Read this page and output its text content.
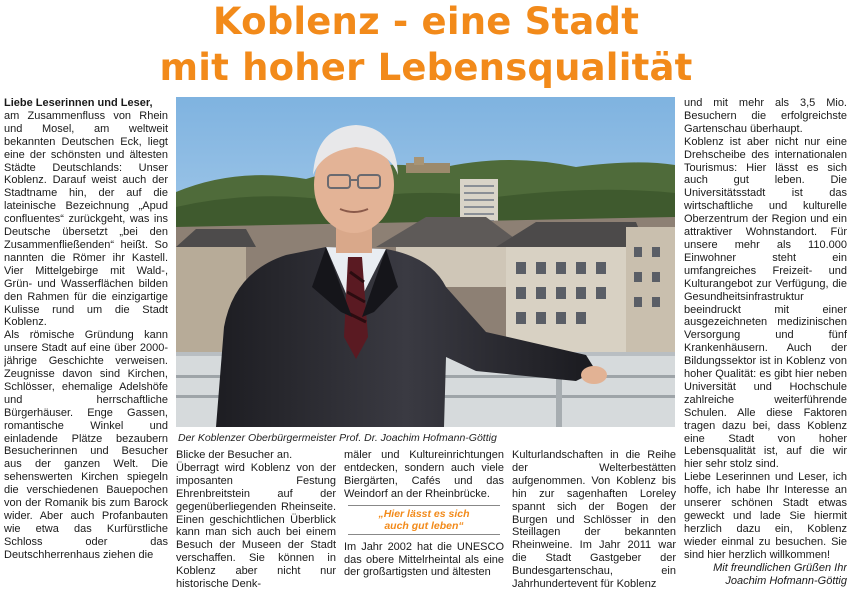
Koblenz - eine Stadt
mit hoher Lebensqualität

Liebe Leserinnen und Leser,

am Zusammenfluss von Rhein und Mosel, am weltweit bekannten Deutschen Eck, liegt eine der schönsten und ältesten Städte Deutschlands: Unser Koblenz. Darauf weist auch der Stadtname hin, der auf die lateinische Bezeichnung „Apud confluentes“ zurückgeht, was ins Deutsche übersetzt „bei den Zusammenfließenden“ heißt. So nannten die Römer ihr Kastell. Vier Mittelgebirge mit Wald-, Grün- und Wasserflächen bilden den Rahmen für die einzigartige Kulisse rund um die Stadt Koblenz.

Als römische Gründung kann unsere Stadt auf eine über 2000-jährige Geschichte verweisen. Zeugnisse davon sind Kirchen, Schlösser, ehemalige Adelshöfe und herrschaftliche Bürgerhäuser. Enge Gassen, romantische Winkel und einladende Plätze bezaubern Besucherinnen und Besucher aus der ganzen Welt. Die sehenswerten Kirchen spiegeln die verschiedenen Bauepochen von der Romanik bis zum Barock wider. Aber auch Profanbauten wie etwa das Kurfürstliche Schloss oder das Deutschherrenhaus ziehen die

Der Koblenzer Oberbürgermeister Prof. Dr. Joachim Hofmann-Göttig

Blicke der Besucher an.

Überragt wird Koblenz von der imposanten Festung Ehrenbreitstein auf der gegenüberliegenden Rheinseite. Einen geschichtlichen Überblick kann man sich auch bei einem Besuch der Museen der Stadt verschaffen. Sie können in Koblenz aber nicht nur historische Denk-

mäler und Kultureinrichtungen entdecken, sondern auch viele Biergärten, Cafés und das Weindorf an der Rheinbrücke.

„Hier lässt es sich
auch gut leben“

Im Jahr 2002 hat die UNESCO das obere Mittelrheintal als eine der großartigsten und ältesten

Kulturlandschaften in die Reihe der Welterbestätten aufgenommen. Von Koblenz bis hin zur sagenhaften Loreley spannt sich der Bogen der Burgen und Schlösser in den Steillagen der bekannten Rheinweine. Im Jahr 2011 war die Stadt Gastgeber der Bundesgartenschau, ein Jahrhundertevent für Koblenz

und mit mehr als 3,5 Mio. Besuchern die erfolgreichste Gartenschau überhaupt.

Koblenz ist aber nicht nur eine Drehscheibe des internationalen Tourismus: Hier lässt es sich auch gut leben. Die Universitätsstadt ist das wirtschaftliche und kulturelle Oberzentrum der Region und ein attraktiver Wohnstandort. Für unsere mehr als 110.000 Einwohner steht ein umfangreiches Freizeit- und Kulturangebot zur Verfügung, die Gesundheitsinfrastruktur beeindruckt mit einer ausgezeichneten medizinischen Versorgung und fünf Krankenhäusern. Auch der Bildungssektor ist in Koblenz von hoher Qualität: es gibt hier neben Universität und Hochschule zahlreiche weiterführende Schulen. Alle diese Faktoren tragen dazu bei, dass Koblenz eine Stadt von hoher Lebensqualität ist, auf die wir hier sehr stolz sind.

Liebe Leserinnen und Leser, ich hoffe, ich habe Ihr Interesse an unserer schönen Stadt etwas geweckt und lade Sie hiermit herzlich dazu ein, Koblenz wieder einmal zu besuchen. Sie sind hier herzlich willkommen!

Mit freundlichen Grüßen Ihr

Joachim Hofmann-Göttig
